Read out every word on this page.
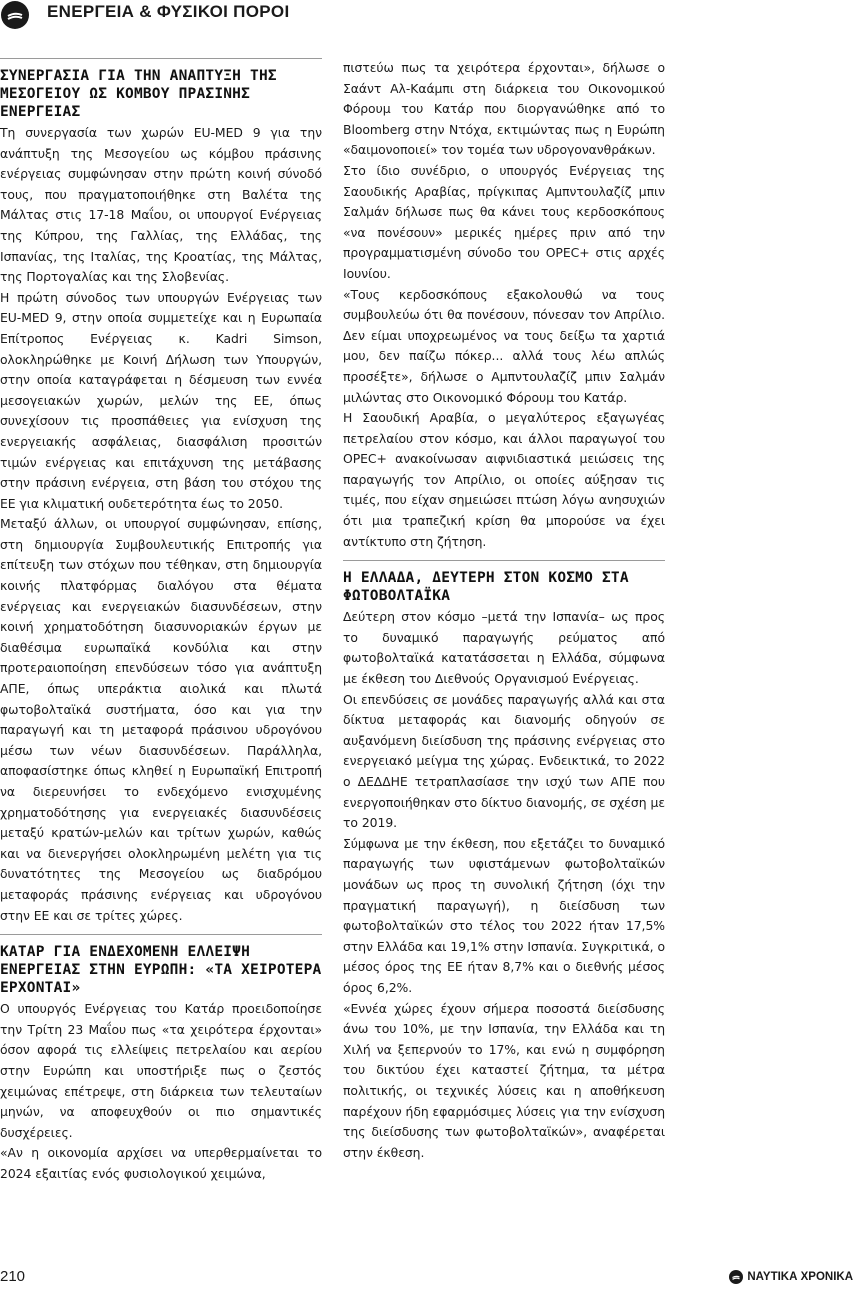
ΕΝΕΡΓΕΙΑ & ΦΥΣΙΚΟΙ ΠΟΡΟΙ
ΣΥΝΕΡΓΑΣΙΑ ΓΙΑ ΤΗΝ ΑΝΑΠΤΥΞΗ ΤΗΣ ΜΕΣΟΓΕΙΟΥ ΩΣ ΚΟΜΒΟΥ ΠΡΑΣΙΝΗΣ ΕΝΕΡΓΕΙΑΣ

Τη συνεργασία των χωρών EU-MED 9 για την ανάπτυξη της Μεσογείου ως κόμβου πράσινης ενέργειας συμφώνησαν στην πρώτη κοινή σύνοδό τους, που πραγματοποιήθηκε στη Βαλέτα της Μάλτας στις 17-18 Μαΐου, οι υπουργοί Ενέργειας της Κύπρου, της Γαλλίας, της Ελλάδας, της Ισπανίας, της Ιταλίας, της Κροατίας, της Μάλτας, της Πορτογαλίας και της Σλοβενίας.

Η πρώτη σύνοδος των υπουργών Ενέργειας των EU-MED 9, στην οποία συμμετείχε και η Ευρωπαία Επίτροπος Ενέργειας κ. Kadri Simson, ολοκληρώθηκε με Κοινή Δήλωση των Υπουργών, στην οποία καταγράφεται η δέσμευση των εννέα μεσογειακών χωρών, μελών της ΕΕ, όπως συνεχίσουν τις προσπάθειες για ενίσχυση της ενεργειακής ασφάλειας, διασφάλιση προσιτών τιμών ενέργειας και επιτάχυνση της μετάβασης στην πράσινη ενέργεια, στη βάση του στόχου της ΕΕ για κλιματική ουδετερότητα έως το 2050.

Μεταξύ άλλων, οι υπουργοί συμφώνησαν, επίσης, στη δημιουργία Συμβουλευτικής Επιτροπής για επίτευξη των στόχων που τέθηκαν, στη δημιουργία κοινής πλατφόρμας διαλόγου στα θέματα ενέργειας και ενεργειακών διασυνδέσεων, στην κοινή χρηματοδότηση διασυνοριακών έργων με διαθέσιμα ευρωπαϊκά κονδύλια και στην προτεραιοποίηση επενδύσεων τόσο για ανάπτυξη ΑΠΕ, όπως υπεράκτια αιολικά και πλωτά φωτοβολταϊκά συστήματα, όσο και για την παραγωγή και τη μεταφορά πράσινου υδρογόνου μέσω των νέων διασυνδέσεων. Παράλληλα, αποφασίστηκε όπως κληθεί η Ευρωπαϊκή Επιτροπή να διερευνήσει το ενδεχόμενο ενισχυμένης χρηματοδότησης για ενεργειακές διασυνδέσεις μεταξύ κρατών-μελών και τρίτων χωρών, καθώς και να διενεργήσει ολοκληρωμένη μελέτη για τις δυνατότητες της Μεσογείου ως διαδρόμου μεταφοράς πράσινης ενέργειας και υδρογόνου στην ΕΕ και σε τρίτες χώρες.

ΚΑΤΑΡ ΓΙΑ ΕΝΔΕΧΟΜΕΝΗ ΕΛΛΕΙΨΗ ΕΝΕΡΓΕΙΑΣ ΣΤΗΝ ΕΥΡΩΠΗ: «ΤΑ ΧΕΙΡΟΤΕΡΑ ΕΡΧΟΝΤΑΙ»

Ο υπουργός Ενέργειας του Κατάρ προειδοποίησε την Τρίτη 23 Μαΐου πως «τα χειρότερα έρχονται» όσον αφορά τις ελλείψεις πετρελαίου και αερίου στην Ευρώπη και υποστήριξε πως ο ζεστός χειμώνας επέτρεψε, στη διάρκεια των τελευταίων μηνών, να αποφευχθούν οι πιο σημαντικές δυσχέρειες.

«Αν η οικονομία αρχίσει να υπερθερμαίνεται το 2024 εξαιτίας ενός φυσιολογικού χειμώνα,

πιστεύω πως τα χειρότερα έρχονται», δήλωσε ο Σαάντ Αλ-Καάμπι στη διάρκεια του Οικονομικού Φόρουμ του Κατάρ που διοργανώθηκε από το Bloomberg στην Ντόχα, εκτιμώντας πως η Ευρώπη «δαιμονοποιεί» τον τομέα των υδρογονανθράκων.

Στο ίδιο συνέδριο, ο υπουργός Ενέργειας της Σαουδικής Αραβίας, πρίγκιπας Αμπντουλαζίζ μπιν Σαλμάν δήλωσε πως θα κάνει τους κερδοσκόπους «να πονέσουν» μερικές ημέρες πριν από την προγραμματισμένη σύνοδο του OPEC+ στις αρχές Ιουνίου.

«Τους κερδοσκόπους εξακολουθώ να τους συμβουλεύω ότι θα πονέσουν, πόνεσαν τον Απρίλιο. Δεν είμαι υποχρεωμένος να τους δείξω τα χαρτιά μου, δεν παίζω πόκερ... αλλά τους λέω απλώς προσέξτε», δήλωσε ο Αμπντουλαζίζ μπιν Σαλμάν μιλώντας στο Οικονομικό Φόρουμ του Κατάρ.

Η Σαουδική Αραβία, ο μεγαλύτερος εξαγωγέας πετρελαίου στον κόσμο, και άλλοι παραγωγοί του OPEC+ ανακοίνωσαν αιφνιδιαστικά μειώσεις της παραγωγής τον Απρίλιο, οι οποίες αύξησαν τις τιμές, που είχαν σημειώσει πτώση λόγω ανησυχιών ότι μια τραπεζική κρίση θα μπορούσε να έχει αντίκτυπο στη ζήτηση.

Η ΕΛΛΑΔΑ, ΔΕΥΤΕΡΗ ΣΤΟΝ ΚΟΣΜΟ ΣΤΑ ΦΩΤΟΒΟΛΤΑΪΚΑ

Δεύτερη στον κόσμο –μετά την Ισπανία– ως προς το δυναμικό παραγωγής ρεύματος από φωτοβολταϊκά κατατάσσεται η Ελλάδα, σύμφωνα με έκθεση του Διεθνούς Οργανισμού Ενέργειας.

Οι επενδύσεις σε μονάδες παραγωγής αλλά και στα δίκτυα μεταφοράς και διανομής οδηγούν σε αυξανόμενη διείσδυση της πράσινης ενέργειας στο ενεργειακό μείγμα της χώρας. Ενδεικτικά, το 2022 ο ΔΕΔΔΗΕ τετραπλασίασε την ισχύ των ΑΠΕ που ενεργοποιήθηκαν στο δίκτυο διανομής, σε σχέση με το 2019.

Σύμφωνα με την έκθεση, που εξετάζει το δυναμικό παραγωγής των υφιστάμενων φωτοβολταϊκών μονάδων ως προς τη συνολική ζήτηση (όχι την πραγματική παραγωγή), η διείσδυση των φωτοβολταϊκών στο τέλος του 2022 ήταν 17,5% στην Ελλάδα και 19,1% στην Ισπανία. Συγκριτικά, ο μέσος όρος της ΕΕ ήταν 8,7% και ο διεθνής μέσος όρος 6,2%.

«Εννέα χώρες έχουν σήμερα ποσοστά διείσδυσης άνω του 10%, με την Ισπανία, την Ελλάδα και τη Χιλή να ξεπερνούν το 17%, και ενώ η συμφόρηση του δικτύου έχει καταστεί ζήτημα, τα μέτρα πολιτικής, οι τεχνικές λύσεις και η αποθήκευση παρέχουν ήδη εφαρμόσιμες λύσεις για την ενίσχυση της διείσδυσης των φωτοβολταϊκών», αναφέρεται στην έκθεση.

210	ΝΑΥΤΙΚΑ ΧΡΟΝΙΚΑ
